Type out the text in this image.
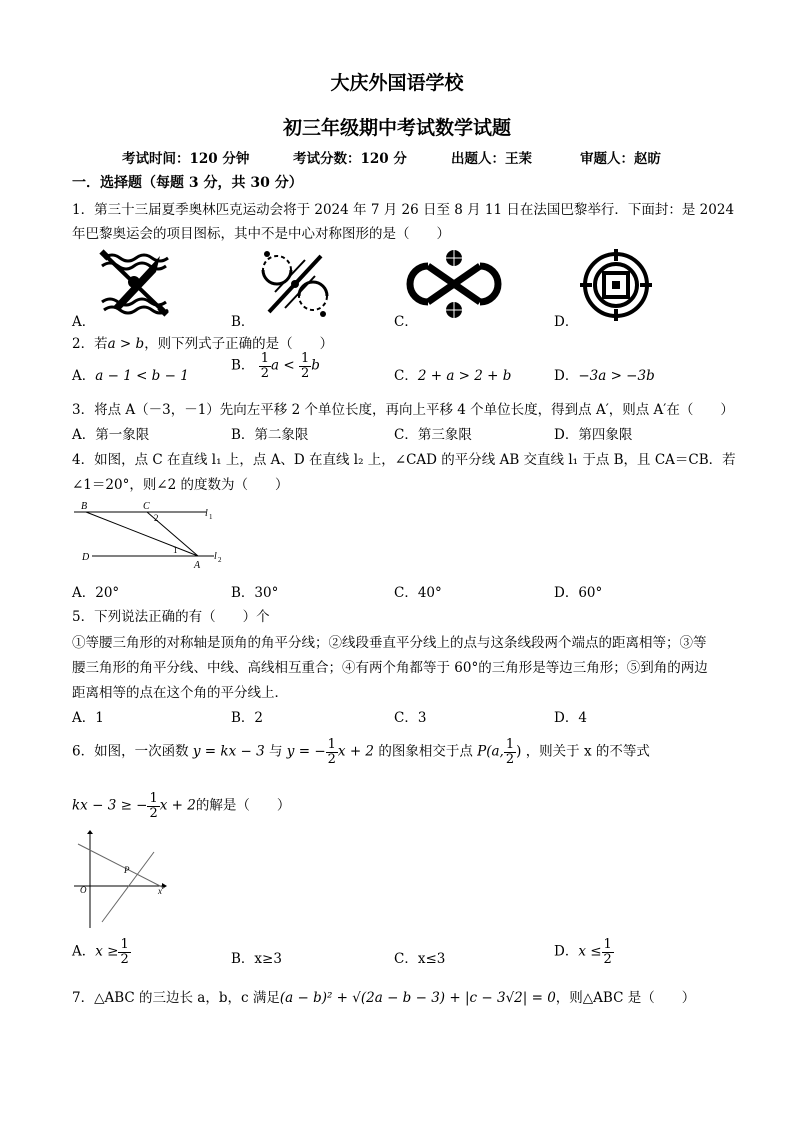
大庆外国语学校
初三年级期中考试数学试题
考试时间：120 分钟	考试分数：120 分	出题人：王茉	审题人：赵昉
一．选择题（每题 3 分，共 30 分）
1．第三十三届夏季奥林匹克运动会将于 2024 年 7 月 26 日至 8 月 11 日在法国巴黎举行．下面封：是 2024
年巴黎奥运会的项目图标，其中不是中心对称图形的是（　　）
A．	B．	C．	D．
2．若a > b，则下列式子正确的是（　　）
A．a − 1 < b − 1
B． $\frac{1}{2}$ $a < \frac{1}{2}$ b
C．2 + a > 2 + b	D．−3a > −3b
3．将点 A（－3，－1）先向左平移 2 个单位长度，再向上平移 4 个单位长度，得到点 A′，则点 A′在（　　）
A．第一象限	B．第二象限	C．第三象限	D．第四象限
4．如图，点 C 在直线 l₁ 上，点 A、D 在直线 l₂ 上，∠CAD 的平分线 AB 交直线 l₁ 于点 B，且 CA＝CB．若
∠1＝20°，则∠2 的度数为（　　）
B	C
2	l 1
D
1
A
l 2
A．20°	B．30°	C．40°	D．60°
5．下列说法正确的有（　　）个
①等腰三角形的对称轴是顶角的角平分线；②线段垂直平分线上的点与这条线段两个端点的距离相等；③等
腰三角形的角平分线、中线、高线相互重合；④有两个角都等于 60°的三角形是等边三角形；⑤到角的两边
距离相等的点在这个角的平分线上．
A．1	B．2	C．3	D．4
6．如图，一次函数 y = kx − 3 与 y = − $\frac{1}{2}$ x + 2 的图象相交于点 P(a, $\frac{1}{2}$ ) ，则关于 x 的不等式
kx − 3 ≥ − $\frac{1}{2}$ x + 2的解是（　　）
O
P
x
A．$x \ge \frac{1}{2}$	B．x≥3	C．x≤3	D．$x \le \frac{1}{2}$
7．△ABC 的三边长 a，b，c 满足(a − b)² + √(2a − b − 3) + |c − 3√2| = 0，则△ABC 是（　　）
